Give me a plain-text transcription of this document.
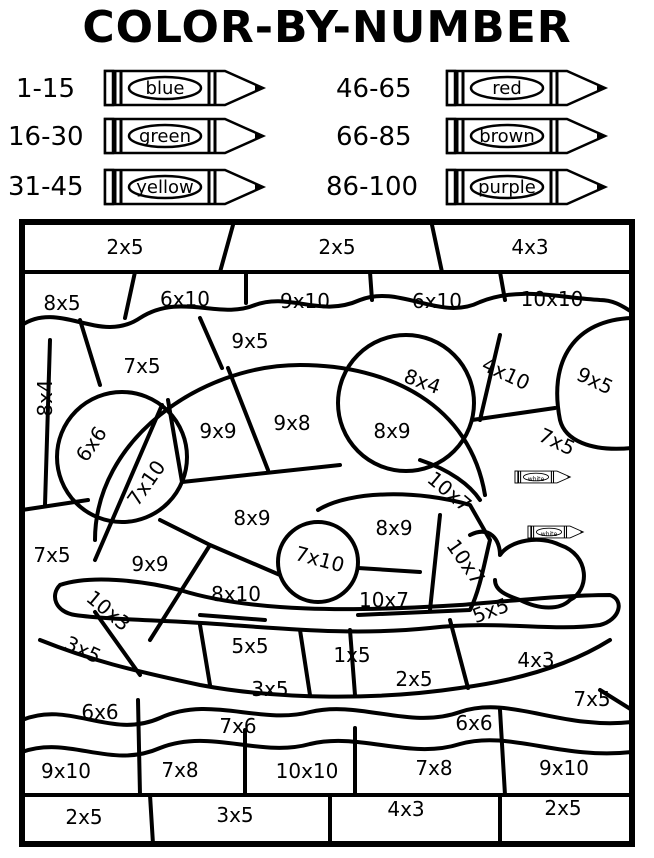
COLOR-BY-NUMBER
1-15
16-30
31-45
46-65
66-85
86-100
blue
green
yellow
red
brown
purple
white
white
2x5	2x5	4x3
8x5	6x10	9x10	6x10	10x10
9x5
7x5	8x4 4x10 9x5
8x4
6x6
7x10
9x9 9x8	8x9	7x5
10x7
8x9	8x9
7x10	10x7
7x5	9x9
10x3	8x10	10x7	5x5
3x5	5x5	1x5
2x5
4x3
3x5	7x5
6x6
7x6	6x6
9x10	7x8	10x10	7x8	9x10
2x5	3x5	4x3	2x5
